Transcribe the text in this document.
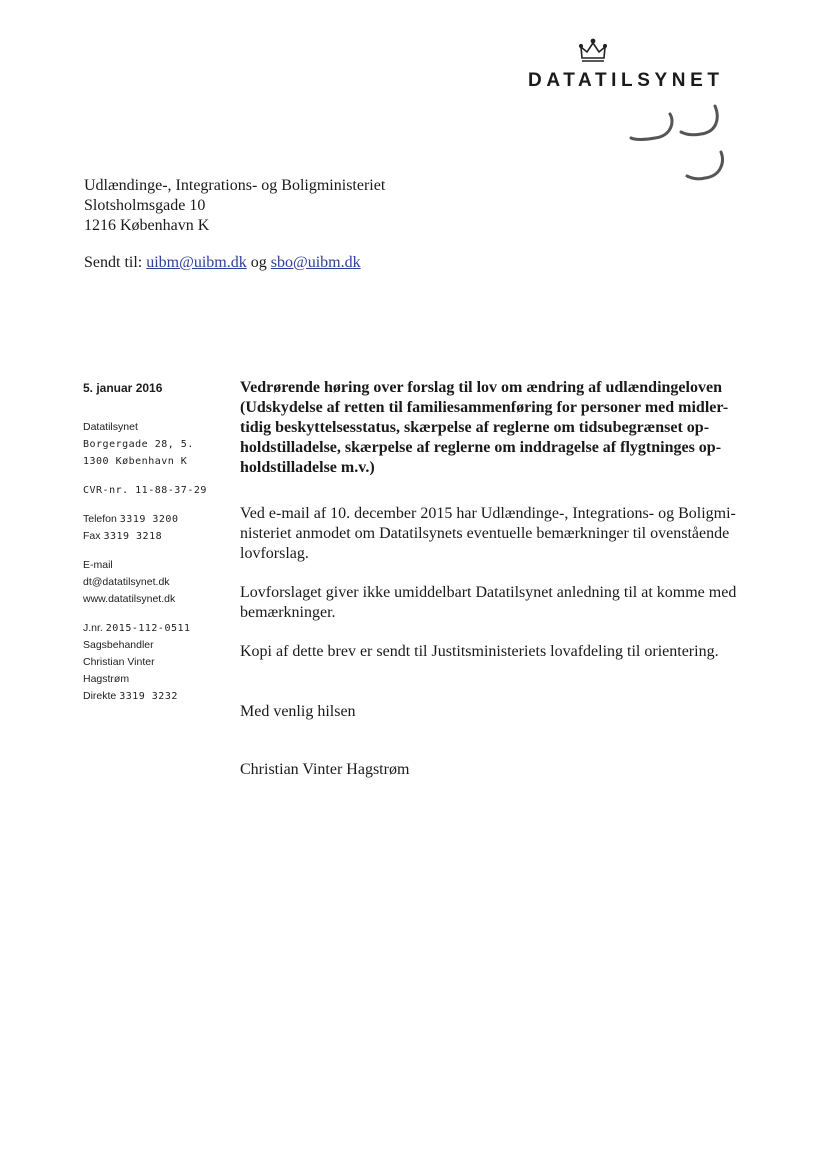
DATATILSYNET
Udlændinge-, Integrations- og Boligministeriet
Slotsholmsgade 10
1216 København K
Sendt til: uibm@uibm.dk og sbo@uibm.dk
5. januar 2016
Datatilsynet
Borgergade 28, 5.
1300 København K
CVR-nr. 11-88-37-29
Telefon 3319 3200
Fax 3319 3218
E-mail
dt@datatilsynet.dk
www.datatilsynet.dk
J.nr. 2015-112-0511
Sagsbehandler
Christian Vinter
Hagstrøm
Direkte 3319 3232
Vedrørende høring over forslag til lov om ændring af udlændingeloven
(Udskydelse af retten til familiesammenføring for personer med midler-
tidig beskyttelsesstatus, skærpelse af reglerne om tidsubegrænset op-
holdstilladelse, skærpelse af reglerne om inddragelse af flygtninges op-
holdstilladelse m.v.)
Ved e-mail af 10. december 2015 har Udlændinge-, Integrations- og Boligmi-
nisteriet anmodet om Datatilsynets eventuelle bemærkninger til ovenstående
lovforslag.
Lovforslaget giver ikke umiddelbart Datatilsynet anledning til at komme med
bemærkninger.
Kopi af dette brev er sendt til Justitsministeriets lovafdeling til orientering.
Med venlig hilsen
Christian Vinter Hagstrøm
